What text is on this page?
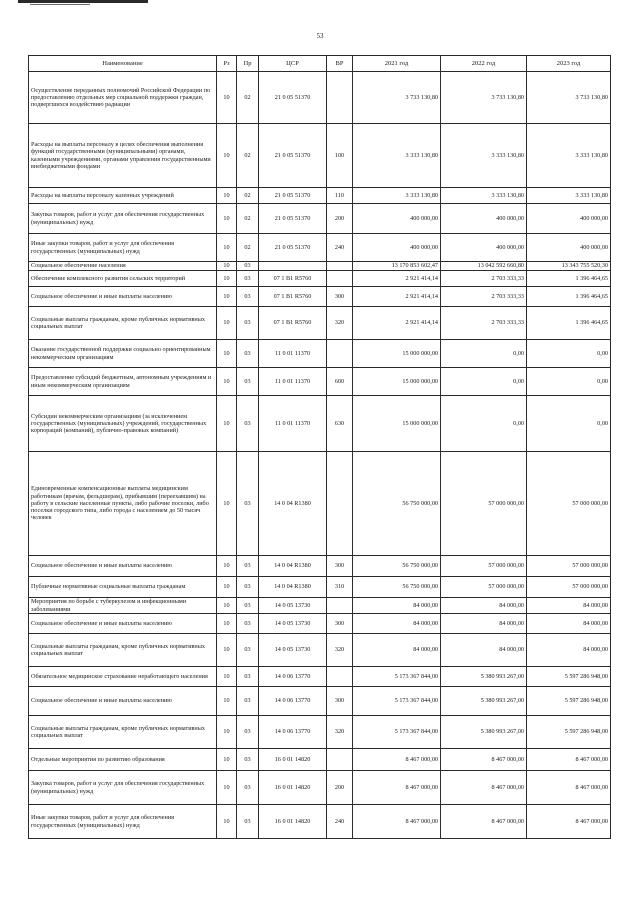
53
Наименование	Рз	Пр	ЦСР	ВР	2021 год	2022 год	2023 год
Осуществление переданных полномочий Российской Федерации по предоставлению отдельных мер социальной поддержки граждан, подвергшихся воздействию радиации	10	02	21 0 05 51370		3 733 130,80	3 733 130,80	3 733 130,80
Расходы на выплаты персоналу в целях обеспечения выполнения функций государственными (муниципальными) органами, казенными учреждениями, органами управления государственными внебюджетными фондами	10	02	21 0 05 51370	100	3 333 130,80	3 333 130,80	3 333 130,80
Расходы на выплаты персоналу казенных учреждений	10	02	21 0 05 51370	110	3 333 130,80	3 333 130,80	3 333 130,80
Закупка товаров, работ и услуг для обеспечения государственных (муниципальных) нужд	10	02	21 0 05 51370	200	400 000,00	400 000,00	400 000,00
Иные закупки товаров, работ и услуг для обеспечения государственных (муниципальных) нужд	10	02	21 0 05 51370	240	400 000,00	400 000,00	400 000,00
Социальное обеспечение населения	10	03			13 170 853 602,47	13 042 592 660,80	13 343 755 520,30
Обеспечение комплексного развития сельских территорий	10	03	07 1 B1 R5760		2 921 414,14	2 703 333,33	1 396 464,65
Социальное обеспечение и иные выплаты населению	10	03	07 1 B1 R5760	300	2 921 414,14	2 703 333,33	1 396 464,65
Социальные выплаты гражданам, кроме публичных нормативных социальных выплат	10	03	07 1 B1 R5760	320	2 921 414,14	2 703 333,33	1 396 464,65
Оказание государственной поддержки социально ориентированным некоммерческим организациям	10	03	11 0 01 11370		15 000 000,00	0,00	0,00
Предоставление субсидий бюджетным, автономным учреждениям и иным некоммерческим организациям	10	03	11 0 01 11370	600	15 000 000,00	0,00	0,00
Субсидии некоммерческим организациям (за исключением государственных (муниципальных) учреждений, государственных корпораций (компаний), публично-правовых компаний)	10	03	11 0 01 11370	630	15 000 000,00	0,00	0,00
Единовременные компенсационные выплаты медицинским работникам (врачам, фельдшерам), прибывшим (переехавшим) на работу в сельские населенные пункты, либо рабочие поселки, либо поселки городского типа, либо города с населением до 50 тысяч человек	10	03	14 0 04 R1380		56 750 000,00	57 000 000,00	57 000 000,00
Социальное обеспечение и иные выплаты населению	10	03	14 0 04 R1380	300	56 750 000,00	57 000 000,00	57 000 000,00
Публичные нормативные социальные выплаты гражданам	10	03	14 0 04 R1380	310	56 750 000,00	57 000 000,00	57 000 000,00
Мероприятия по борьбе с туберкулезом и инфекционными заболеваниями	10	03	14 0 05 13730		84 000,00	84 000,00	84 000,00
Социальное обеспечение и иные выплаты населению	10	03	14 0 05 13730	300	84 000,00	84 000,00	84 000,00
Социальные выплаты гражданам, кроме публичных нормативных социальных выплат	10	03	14 0 05 13730	320	84 000,00	84 000,00	84 000,00
Обязательное медицинское страхование неработающего населения	10	03	14 0 06 13770		5 173 367 844,00	5 380 993 267,00	5 597 286 948,00
Социальное обеспечение и иные выплаты населению	10	03	14 0 06 13770	300	5 173 367 844,00	5 380 993 267,00	5 597 286 948,00
Социальные выплаты гражданам, кроме публичных нормативных социальных выплат	10	03	14 0 06 13770	320	5 173 367 844,00	5 380 993 267,00	5 597 286 948,00
Отдельные мероприятия по развитию образования	10	03	16 0 01 14820		8 467 000,00	8 467 000,00	8 467 000,00
Закупка товаров, работ и услуг для обеспечения государственных (муниципальных) нужд	10	03	16 0 01 14820	200	8 467 000,00	8 467 000,00	8 467 000,00
Иные закупки товаров, работ и услуг для обеспечения государственных (муниципальных) нужд	10	03	16 0 01 14820	240	8 467 000,00	8 467 000,00	8 467 000,00
